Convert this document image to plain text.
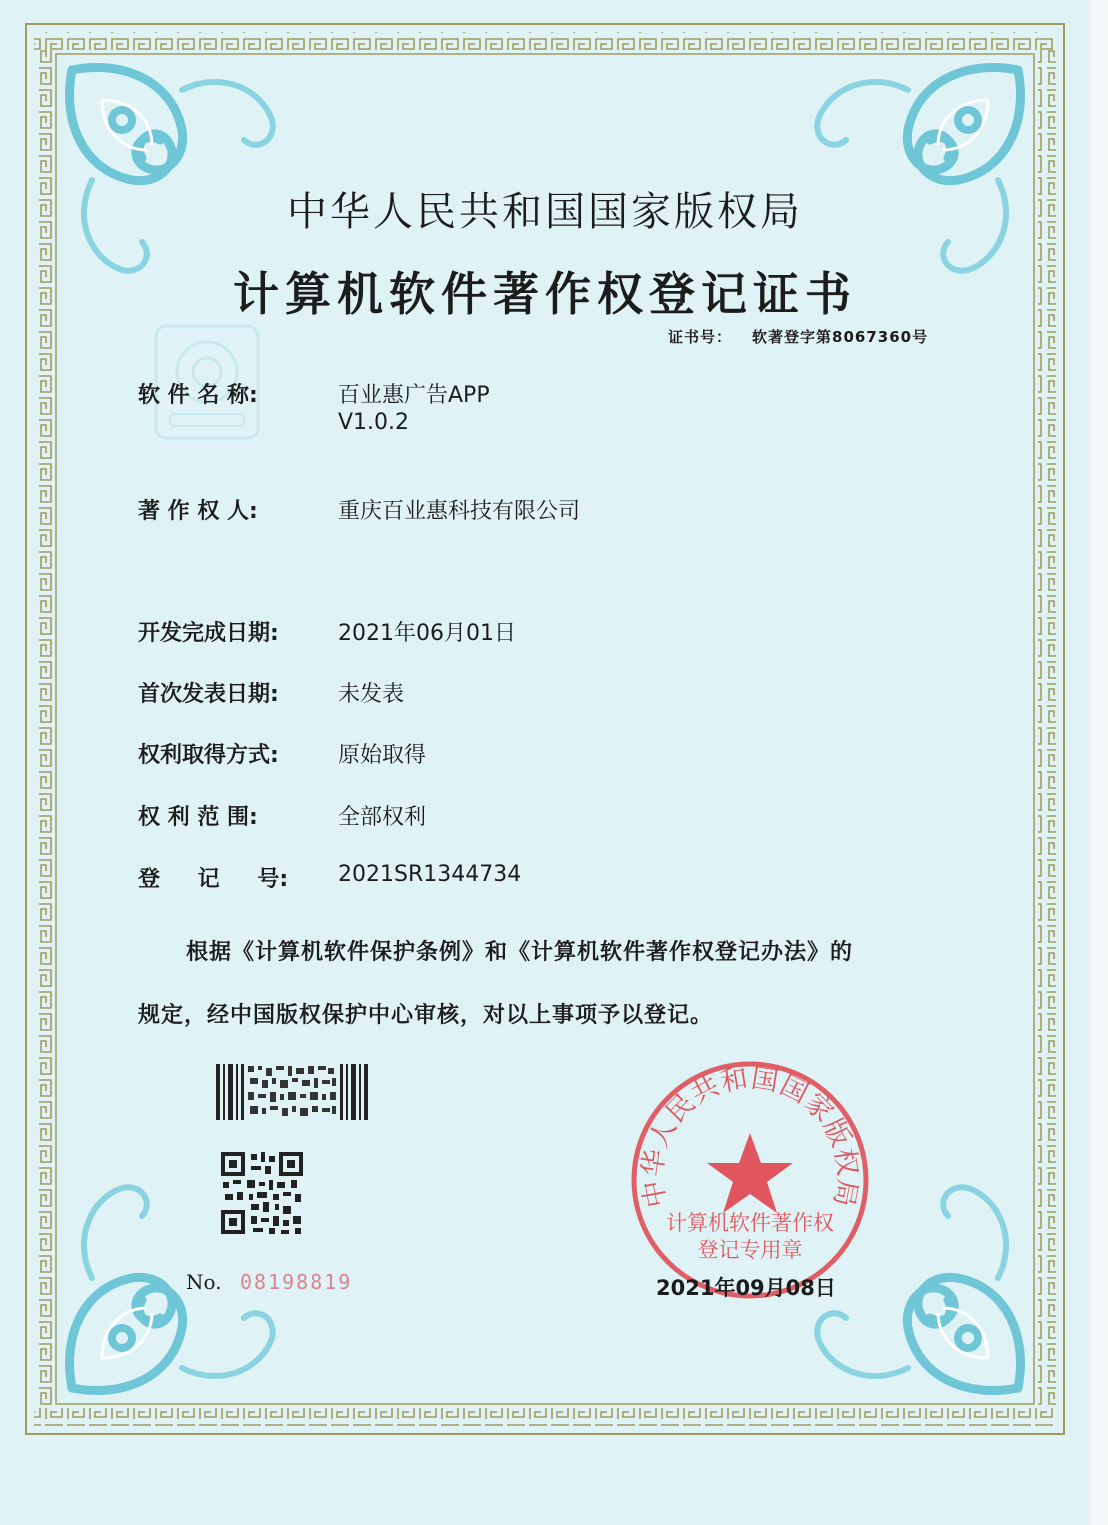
中华人民共和国国家版权局
计算机软件著作权登记证书
证书号： 软著登字第8067360号
软 件 名 称:	百业惠广告APP
V1.0.2
著 作 权 人:	重庆百业惠科技有限公司
开发完成日期:	2021年06月01日
首次发表日期:	未发表
权利取得方式:	原始取得
权 利 范 围:	全部权利
登 记 号: 2021SR1344734
根据《计算机软件保护条例》和《计算机软件著作权登记办法》的
规定，经中国版权保护中心审核，对以上事项予以登记。
No. 08198819
中华人民共和国国家版权局
计算机软件著作权
登记专用章
2021年09月08日
